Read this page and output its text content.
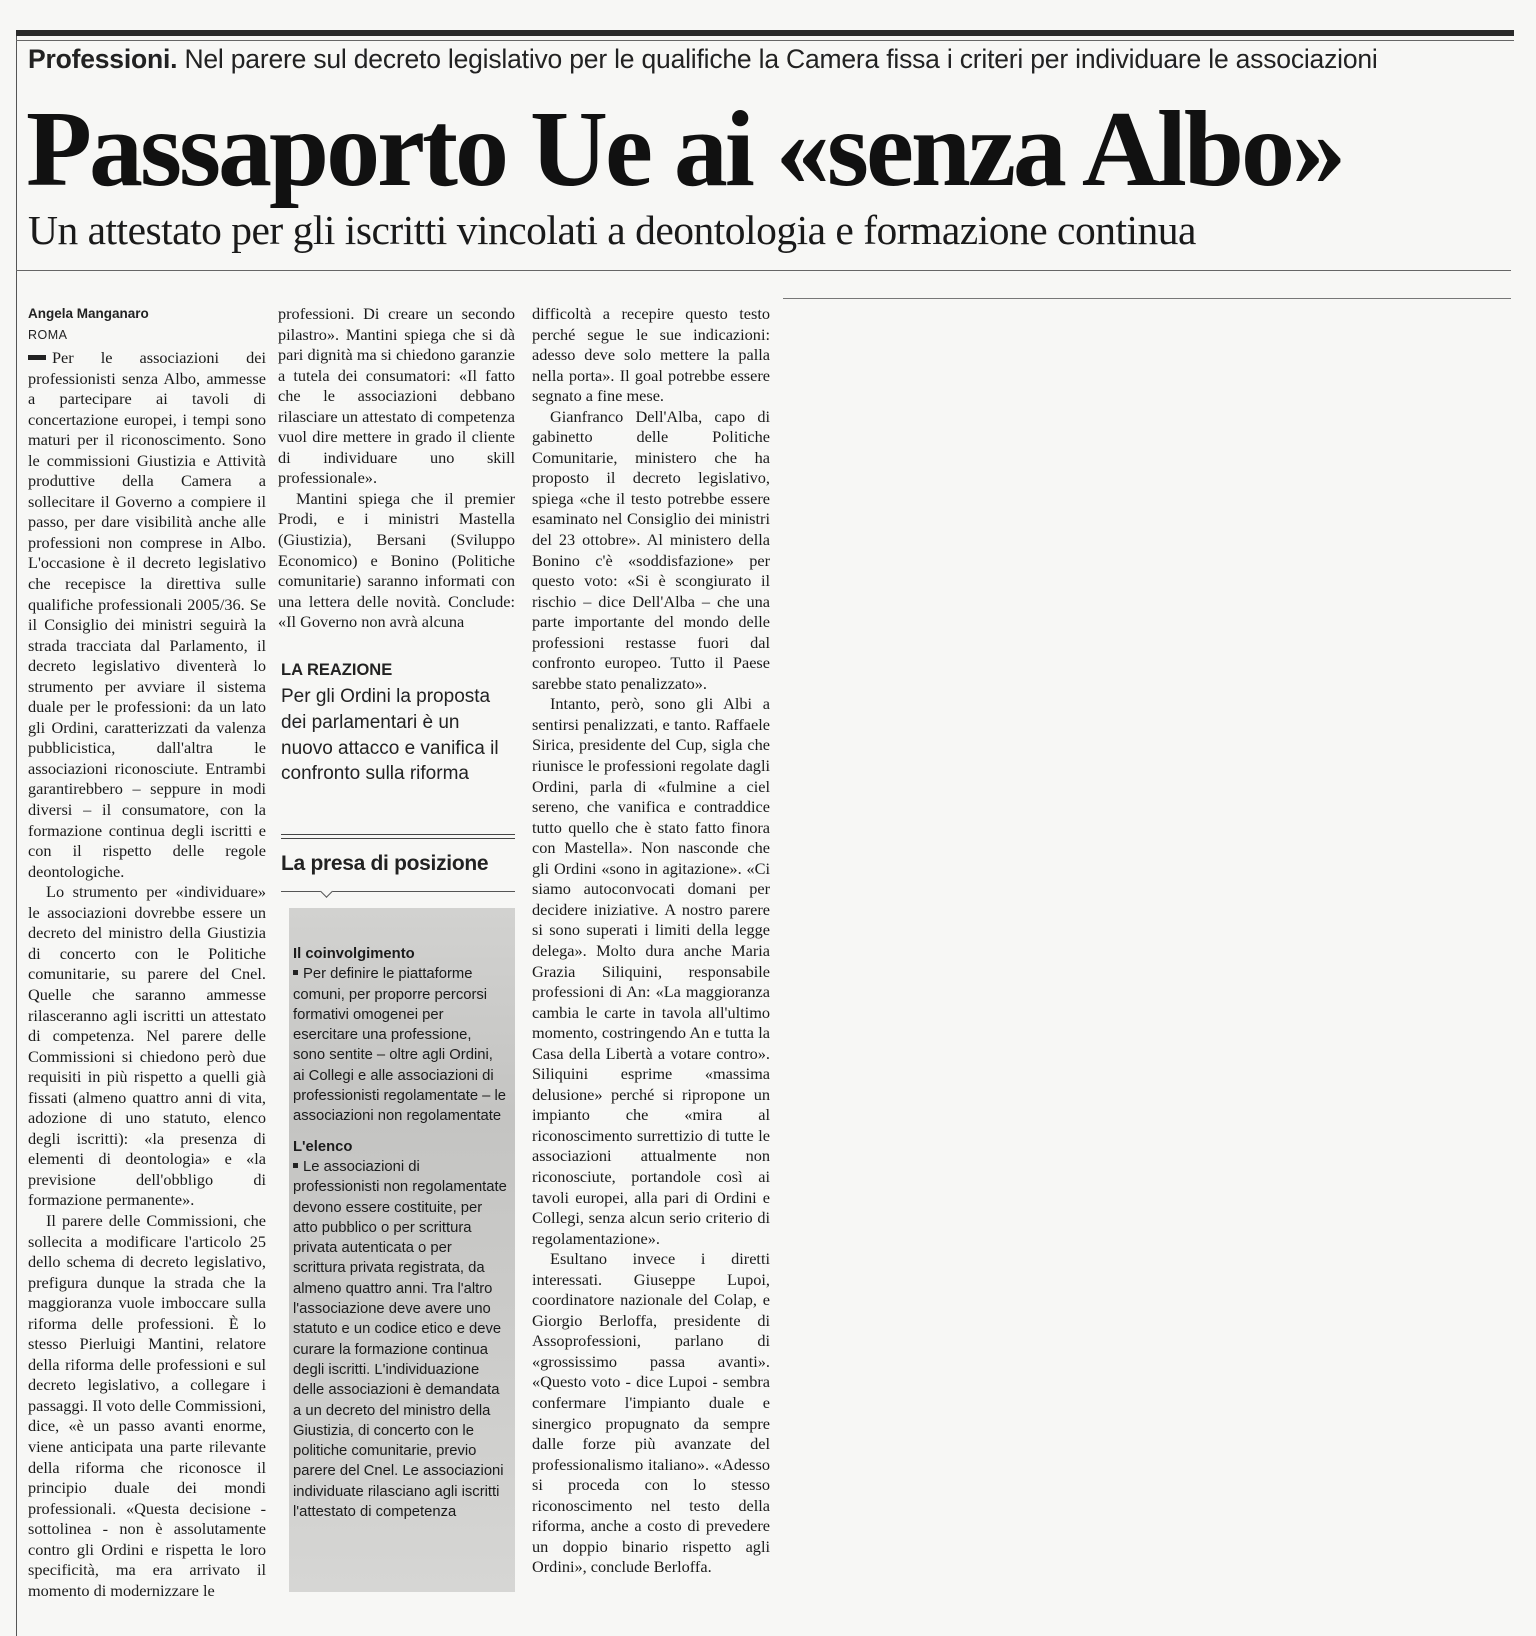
Professioni. Nel parere sul decreto legislativo per le qualifiche la Camera fissa i criteri per individuare le associazioni
Passaporto Ue ai «senza Albo»
Un attestato per gli iscritti vincolati a deontologia e formazione continua
Angela Manganaro
ROMA

Per le associazioni dei professionisti senza Albo, ammesse a partecipare ai tavoli di concertazione europei, i tempi sono maturi per il riconoscimento. Sono le commissioni Giustizia e Attività produttive della Camera a sollecitare il Governo a compiere il passo, per dare visibilità anche alle professioni non comprese in Albo. L'occasione è il decreto legislativo che recepisce la direttiva sulle qualifiche professionali 2005/36. Se il Consiglio dei ministri seguirà la strada tracciata dal Parlamento, il decreto legislativo diventerà lo strumento per avviare il sistema duale per le professioni: da un lato gli Ordini, caratterizzati da valenza pubblicistica, dall'altra le associazioni riconosciute. Entrambi garantirebbero – seppure in modi diversi – il consumatore, con la formazione continua degli iscritti e con il rispetto delle regole deontologiche.

Lo strumento per «individuare» le associazioni dovrebbe essere un decreto del ministro della Giustizia di concerto con le Politiche comunitarie, su parere del Cnel. Quelle che saranno ammesse rilasceranno agli iscritti un attestato di competenza. Nel parere delle Commissioni si chiedono però due requisiti in più rispetto a quelli già fissati (almeno quattro anni di vita, adozione di uno statuto, elenco degli iscritti): «la presenza di elementi di deontologia» e «la previsione dell'obbligo di formazione permanente».

Il parere delle Commissioni, che sollecita a modificare l'articolo 25 dello schema di decreto legislativo, prefigura dunque la strada che la maggioranza vuole imboccare sulla riforma delle professioni. È lo stesso Pierluigi Mantini, relatore della riforma delle professioni e sul decreto legislativo, a collegare i passaggi. Il voto delle Commissioni, dice, «è un passo avanti enorme, viene anticipata una parte rilevante della riforma che riconosce il principio duale dei mondi professionali. «Questa decisione - sottolinea - non è assolutamente contro gli Ordini e rispetta le loro specificità, ma era arrivato il momento di modernizzare le

professioni. Di creare un secondo pilastro». Mantini spiega che si dà pari dignità ma si chiedono garanzie a tutela dei consumatori: «Il fatto che le associazioni debbano rilasciare un attestato di competenza vuol dire mettere in grado il cliente di individuare uno skill professionale».

Mantini spiega che il premier Prodi, e i ministri Mastella (Giustizia), Bersani (Sviluppo Economico) e Bonino (Politiche comunitarie) saranno informati con una lettera delle novità. Conclude: «Il Governo non avrà alcuna

LA REAZIONE
Per gli Ordini la proposta dei parlamentari è un nuovo attacco e vanifica il confronto sulla riforma
La presa di posizione
Il coinvolgimento

Per definire le piattaforme comuni, per proporre percorsi formativi omogenei per esercitare una professione, sono sentite – oltre agli Ordini, ai Collegi e alle associazioni di professionisti regolamentate – le associazioni non regolamentate

L'elenco

Le associazioni di professionisti non regolamentate devono essere costituite, per atto pubblico o per scrittura privata autenticata o per scrittura privata registrata, da almeno quattro anni. Tra l'altro l'associazione deve avere uno statuto e un codice etico e deve curare la formazione continua degli iscritti. L'individuazione delle associazioni è demandata a un decreto del ministro della Giustizia, di concerto con le politiche comunitarie, previo parere del Cnel. Le associazioni individuate rilasciano agli iscritti l'attestato di competenza

difficoltà a recepire questo testo perché segue le sue indicazioni: adesso deve solo mettere la palla nella porta». Il goal potrebbe essere segnato a fine mese.

Gianfranco Dell'Alba, capo di gabinetto delle Politiche Comunitarie, ministero che ha proposto il decreto legislativo, spiega «che il testo potrebbe essere esaminato nel Consiglio dei ministri del 23 ottobre». Al ministero della Bonino c'è «soddisfazione» per questo voto: «Si è scongiurato il rischio – dice Dell'Alba – che una parte importante del mondo delle professioni restasse fuori dal confronto europeo. Tutto il Paese sarebbe stato penalizzato».

Intanto, però, sono gli Albi a sentirsi penalizzati, e tanto. Raffaele Sirica, presidente del Cup, sigla che riunisce le professioni regolate dagli Ordini, parla di «fulmine a ciel sereno, che vanifica e contraddice tutto quello che è stato fatto finora con Mastella». Non nasconde che gli Ordini «sono in agitazione». «Ci siamo autoconvocati domani per decidere iniziative. A nostro parere si sono superati i limiti della legge delega». Molto dura anche Maria Grazia Siliquini, responsabile professioni di An: «La maggioranza cambia le carte in tavola all'ultimo momento, costringendo An e tutta la Casa della Libertà a votare contro». Siliquini esprime «massima delusione» perché si ripropone un impianto che «mira al riconoscimento surrettizio di tutte le associazioni attualmente non riconosciute, portandole così ai tavoli europei, alla pari di Ordini e Collegi, senza alcun serio criterio di regolamentazione».

Esultano invece i diretti interessati. Giuseppe Lupoi, coordinatore nazionale del Colap, e Giorgio Berloffa, presidente di Assoprofessioni, parlano di «grossissimo passa avanti». «Questo voto - dice Lupoi - sembra confermare l'impianto duale e sinergico propugnato da sempre dalle forze più avanzate del professionalismo italiano». «Adesso si proceda con lo stesso riconoscimento nel testo della riforma, anche a costo di prevedere un doppio binario rispetto agli Ordini», conclude Berloffa.
